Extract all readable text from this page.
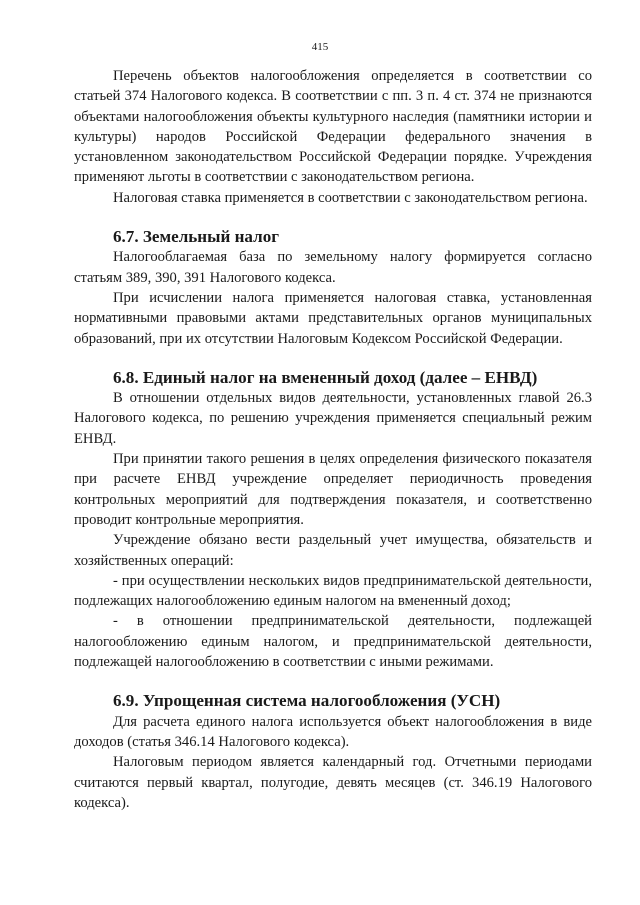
415

Перечень объектов налогообложения определяется в соответствии со статьей 374 Налогового кодекса. В соответствии с пп. 3 п. 4 ст. 374 не признаются объектами налогообложения объекты культурного наследия (памятники истории и культуры) народов Российской Федерации федерального значения в установленном законодательством Российской Федерации порядке. Учреждения применяют льготы в соответствии с законодательством региона.

Налоговая ставка применяется в соответствии с законодательством региона.

6.7. Земельный налог

Налогооблагаемая база по земельному налогу формируется согласно статьям 389, 390, 391 Налогового кодекса.

При исчислении налога применяется налоговая ставка, установленная нормативными правовыми актами представительных органов муниципальных образований, при их отсутствии Налоговым Кодексом Российской Федерации.

6.8. Единый налог на вмененный доход (далее – ЕНВД)

В отношении отдельных видов деятельности, установленных главой 26.3 Налогового кодекса, по решению учреждения применяется специальный режим ЕНВД.

При принятии такого решения в целях определения физического показателя при расчете ЕНВД учреждение определяет периодичность проведения контрольных мероприятий для подтверждения показателя, и соответственно проводит контрольные мероприятия.

Учреждение обязано вести раздельный учет имущества, обязательств и хозяйственных операций:

- при осуществлении нескольких видов предпринимательской деятельности, подлежащих налогообложению единым налогом на вмененный доход;

- в отношении предпринимательской деятельности, подлежащей налогообложению единым налогом, и предпринимательской деятельности, подлежащей налогообложению в соответствии с иными режимами.

6.9. Упрощенная система налогообложения (УСН)

Для расчета единого налога используется объект налогообложения в виде доходов (статья 346.14 Налогового кодекса).

Налоговым периодом является календарный год. Отчетными периодами считаются первый квартал, полугодие, девять месяцев (ст. 346.19 Налогового кодекса).
